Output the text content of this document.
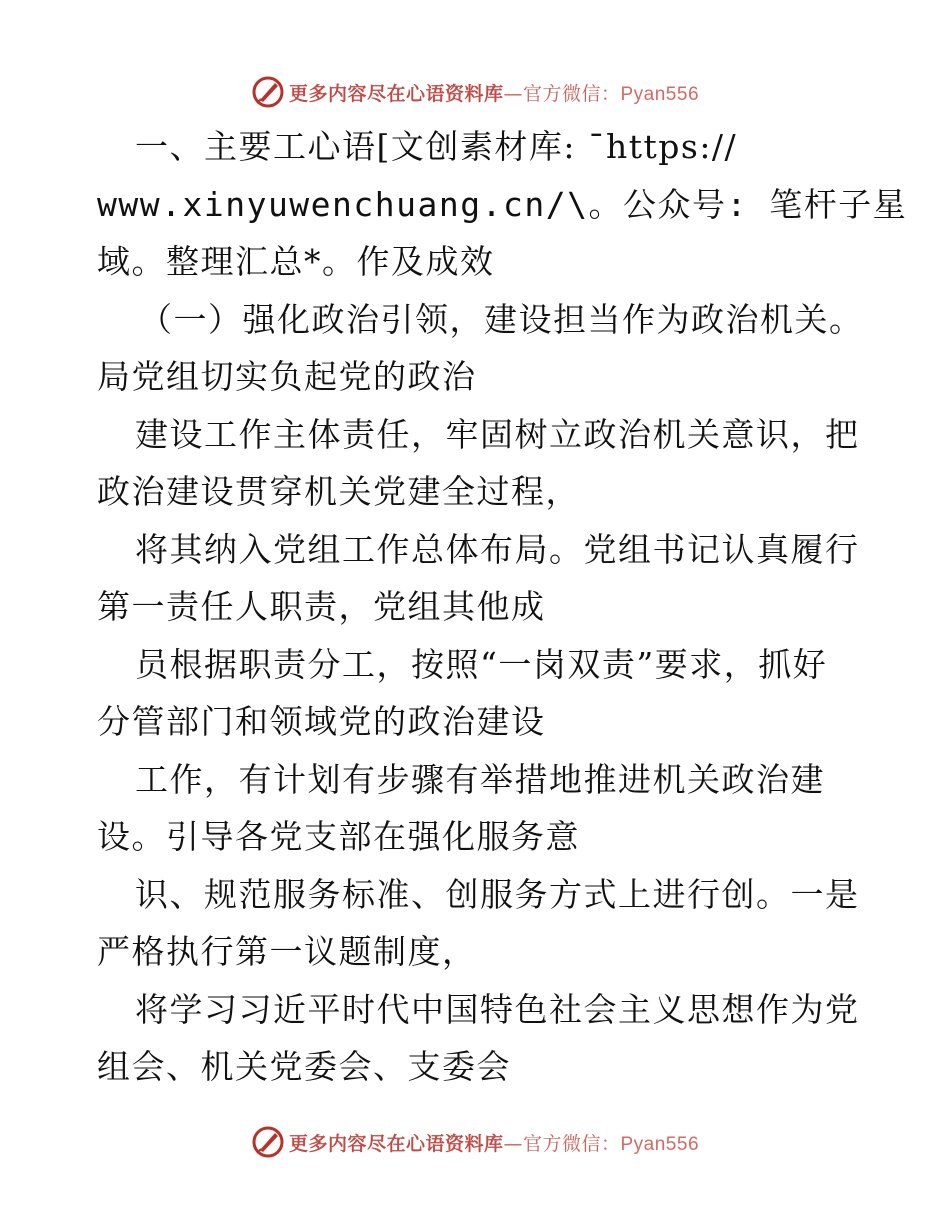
更多内容尽在心语资料库—官方微信：Pyan556
一、主要工心语[文创素材库: ¯https://
www.xinyuwenchuang.cn/\。公众号: 笔杆子星
域。整理汇总*。作及成效
（一）强化政治引领，建设担当作为政治机关。
局党组切实负起党的政治
建设工作主体责任，牢固树立政治机关意识，把
政治建设贯穿机关党建全过程，
将其纳入党组工作总体布局。党组书记认真履行
第一责任人职责，党组其他成
员根据职责分工，按照“一岗双责”要求，抓好
分管部门和领域党的政治建设
工作，有计划有步骤有举措地推进机关政治建
设。引导各党支部在强化服务意
识、规范服务标准、创服务方式上进行创。一是
严格执行第一议题制度，
将学习习近平时代中国特色社会主义思想作为党
组会、机关党委会、支委会
更多内容尽在心语资料库—官方微信：Pyan556
